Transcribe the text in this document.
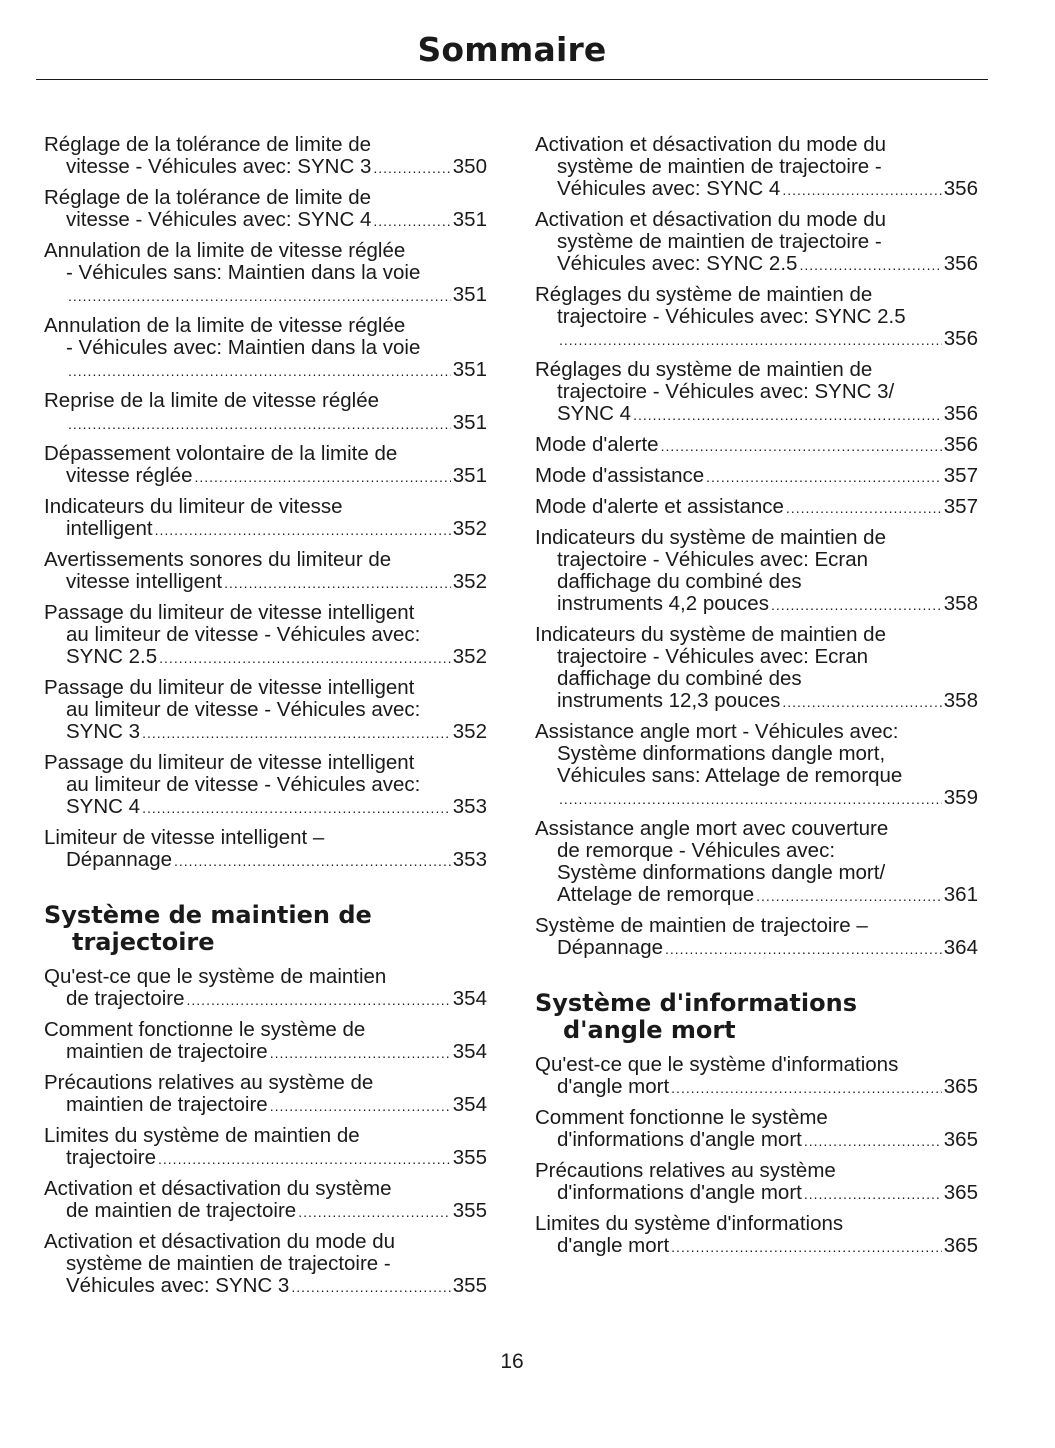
Sommaire
Réglage de la tolérance de limite de
vitesse - Véhicules avec: SYNC 3 .....	350
Réglage de la tolérance de limite de
vitesse - Véhicules avec: SYNC 4 .....	351
Annulation de la limite de vitesse réglée
- Véhicules sans: Maintien dans la voie
.....
351
Annulation de la limite de vitesse réglée
- Véhicules avec: Maintien dans la voie
.....
351
Reprise de la limite de vitesse réglée
.....
351
Dépassement volontaire de la limite de
vitesse réglée .....	351
Indicateurs du limiteur de vitesse
intelligent .....	352
Avertissements sonores du limiteur de
vitesse intelligent .....	352
Passage du limiteur de vitesse intelligent
au limiteur de vitesse - Véhicules avec:
SYNC 2.5 .....	352
Passage du limiteur de vitesse intelligent
au limiteur de vitesse - Véhicules avec:
SYNC 3 .....	352
Passage du limiteur de vitesse intelligent
au limiteur de vitesse - Véhicules avec:
SYNC 4 .....	353
Limiteur de vitesse intelligent –
Dépannage .....	353
Système de maintien de
trajectoire
Qu'est-ce que le système de maintien
de trajectoire .....	354
Comment fonctionne le système de
maintien de trajectoire .....	354
Précautions relatives au système de
maintien de trajectoire .....	354
Limites du système de maintien de
trajectoire .....	355
Activation et désactivation du système
de maintien de trajectoire .....	355
Activation et désactivation du mode du
système de maintien de trajectoire -
Véhicules avec: SYNC 3 .....	355
Activation et désactivation du mode du
système de maintien de trajectoire -
Véhicules avec: SYNC 4 .....	356
Activation et désactivation du mode du
système de maintien de trajectoire -
Véhicules avec: SYNC 2.5 .....	356
Réglages du système de maintien de
trajectoire - Véhicules avec: SYNC 2.5
.....
356
Réglages du système de maintien de
trajectoire - Véhicules avec: SYNC 3/
SYNC 4 .....	356
Mode d'alerte .....	356
Mode d'assistance .....	357
Mode d'alerte et assistance .....	357
Indicateurs du système de maintien de
trajectoire - Véhicules avec: Ecran
daffichage du combiné des
instruments 4,2 pouces .....	358
Indicateurs du système de maintien de
trajectoire - Véhicules avec: Ecran
daffichage du combiné des
instruments 12,3 pouces .....	358
Assistance angle mort - Véhicules avec:
Système dinformations dangle mort,
Véhicules sans: Attelage de remorque
.....
359
Assistance angle mort avec couverture
de remorque - Véhicules avec:
Système dinformations dangle mort/
Attelage de remorque .....	361
Système de maintien de trajectoire –
Dépannage .....	364
Système d'informations
d'angle mort
Qu'est-ce que le système d'informations
d'angle mort .....	365
Comment fonctionne le système
d'informations d'angle mort .....	365
Précautions relatives au système
d'informations d'angle mort .....	365
Limites du système d'informations
d'angle mort .....	365
16
